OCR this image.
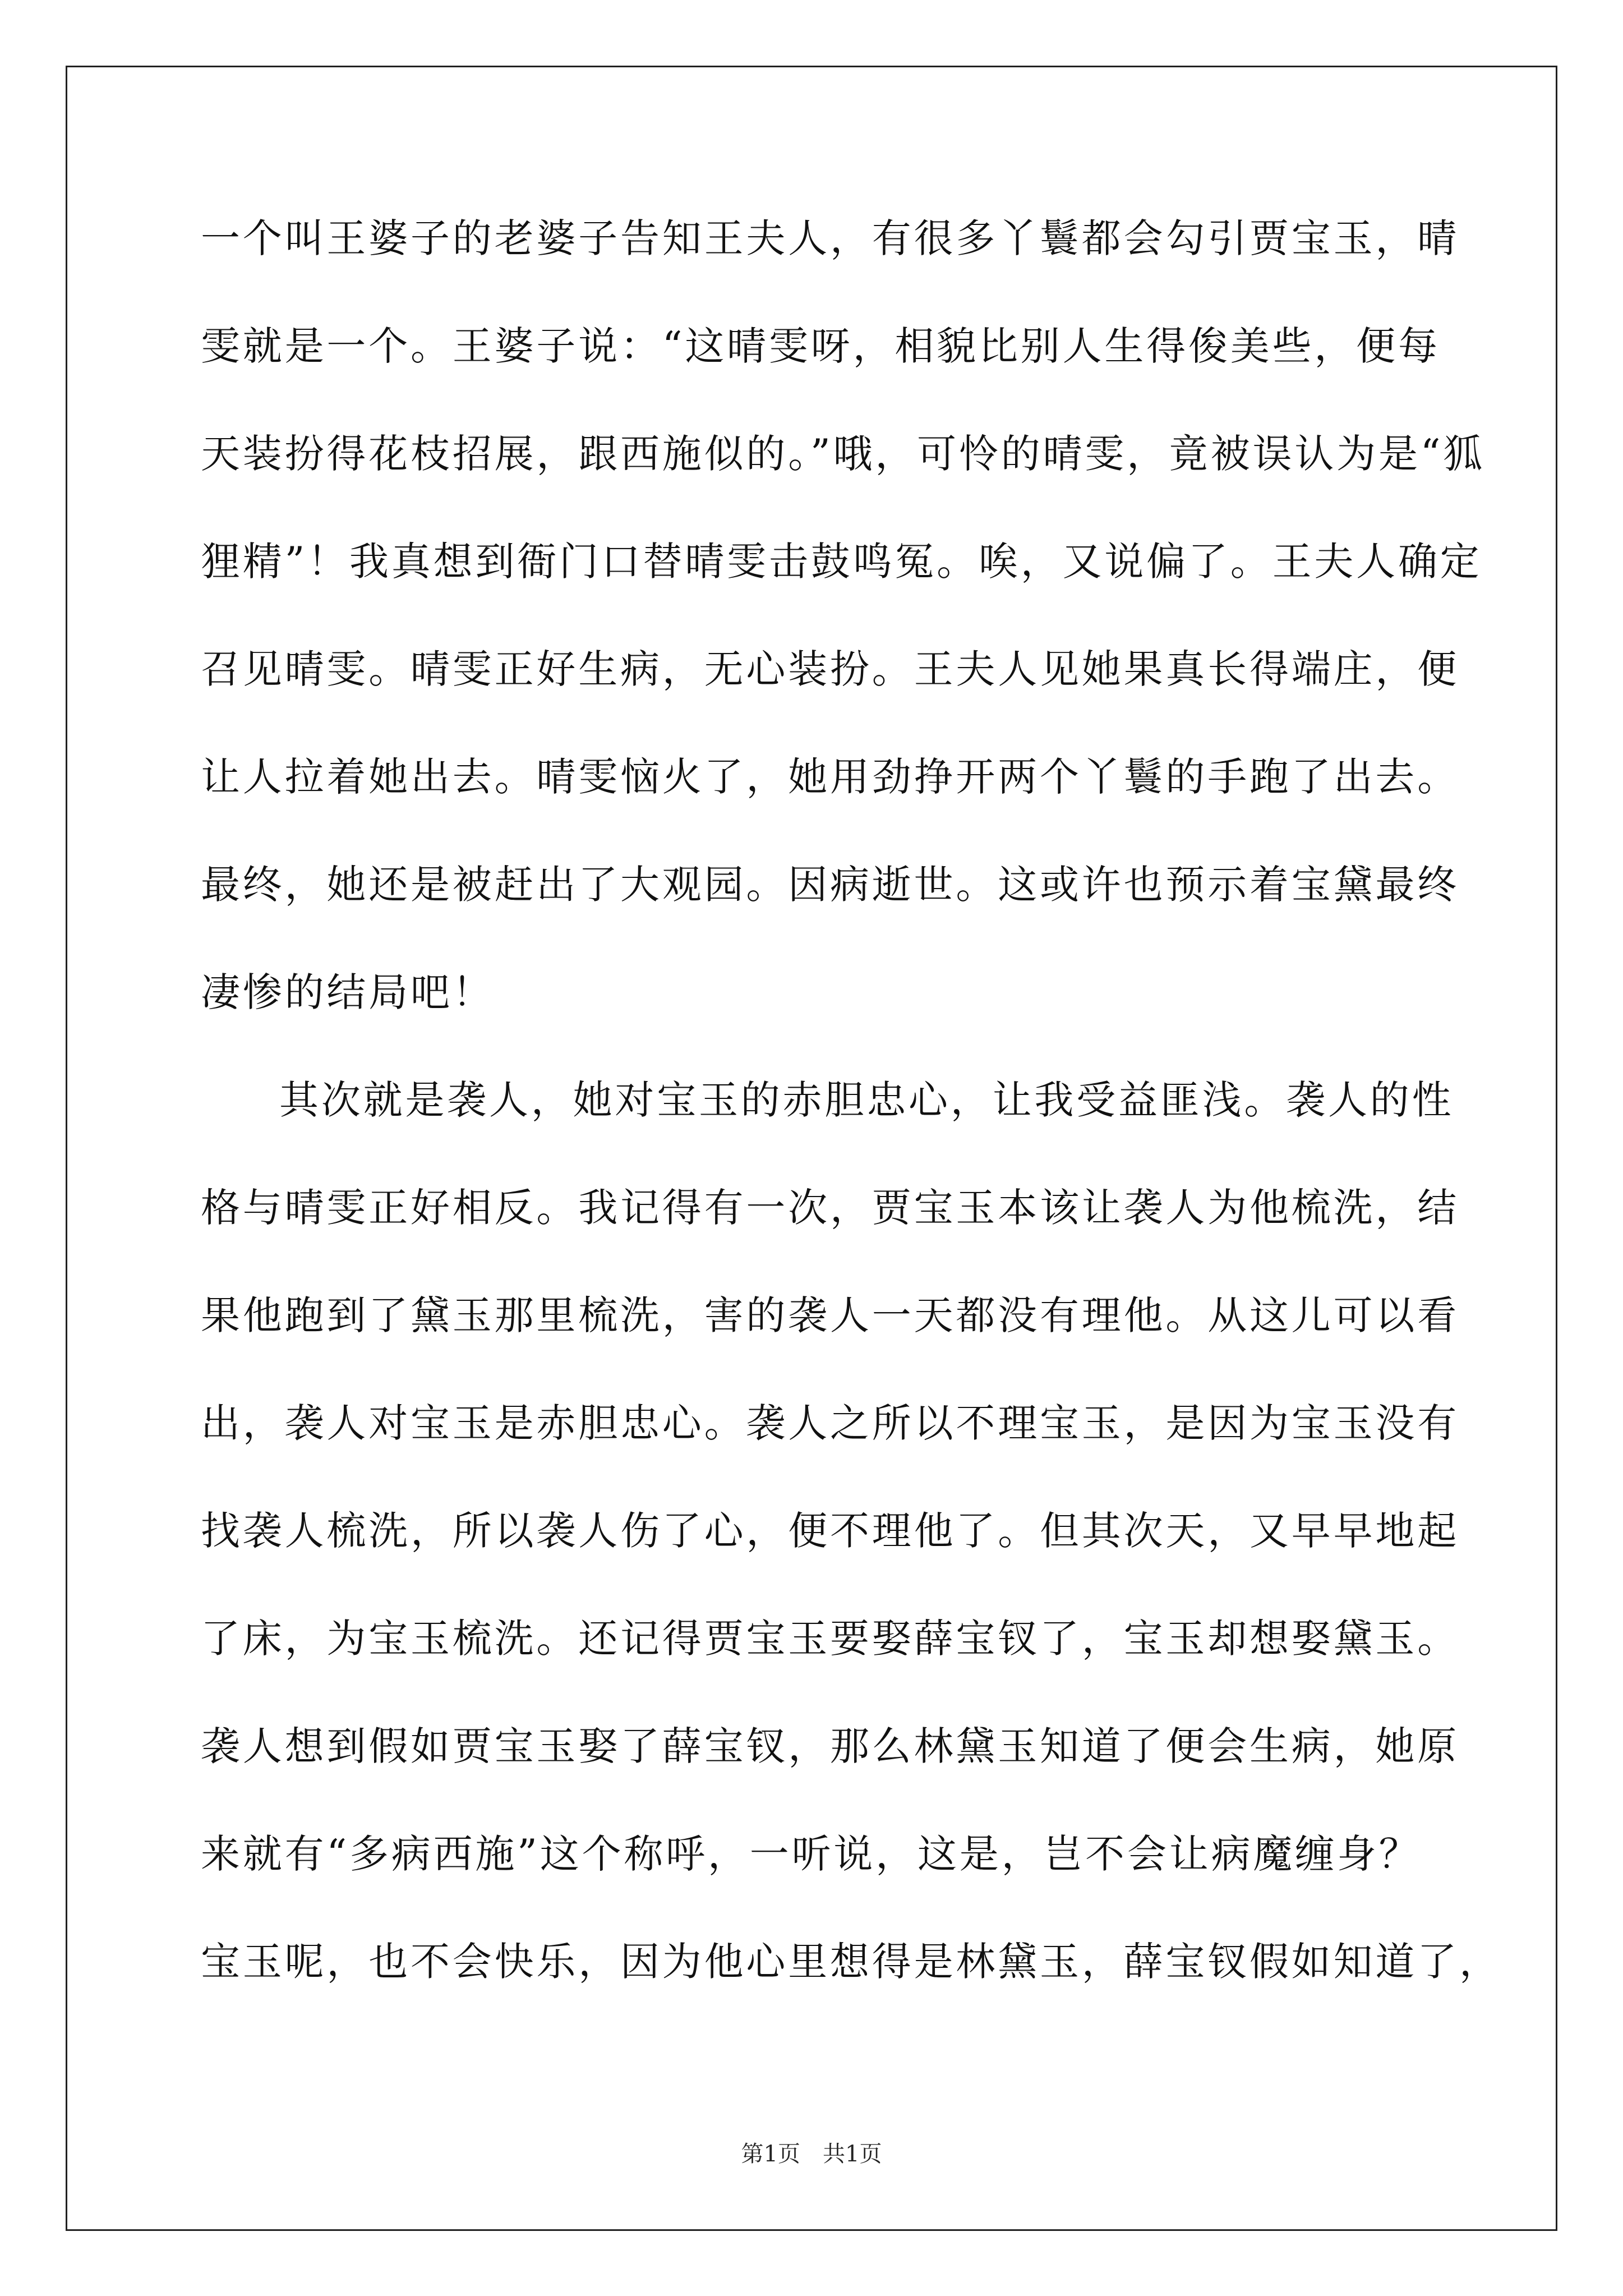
一个叫王婆子的老婆子告知王夫人，有很多丫鬟都会勾引贾宝玉，晴
雯就是一个。王婆子说：“这晴雯呀，相貌比别人生得俊美些，便每
天装扮得花枝招展，跟西施似的。”哦，可怜的晴雯，竟被误认为是“狐
狸精”！我真想到衙门口替晴雯击鼓鸣冤。唉，又说偏了。王夫人确定
召见晴雯。晴雯正好生病，无心装扮。王夫人见她果真长得端庄，便
让人拉着她出去。晴雯恼火了，她用劲挣开两个丫鬟的手跑了出去。
最终，她还是被赶出了大观园。因病逝世。这或许也预示着宝黛最终
凄惨的结局吧！
其次就是袭人，她对宝玉的赤胆忠心，让我受益匪浅。袭人的性
格与晴雯正好相反。我记得有一次，贾宝玉本该让袭人为他梳洗，结
果他跑到了黛玉那里梳洗，害的袭人一天都没有理他。从这儿可以看
出，袭人对宝玉是赤胆忠心。袭人之所以不理宝玉，是因为宝玉没有
找袭人梳洗，所以袭人伤了心，便不理他了。但其次天，又早早地起
了床，为宝玉梳洗。还记得贾宝玉要娶薛宝钗了，宝玉却想娶黛玉。
袭人想到假如贾宝玉娶了薛宝钗，那么林黛玉知道了便会生病，她原
来就有“多病西施”这个称呼，一听说，这是，岂不会让病魔缠身？
宝玉呢，也不会快乐，因为他心里想得是林黛玉，薛宝钗假如知道了，
第1页　共1页
